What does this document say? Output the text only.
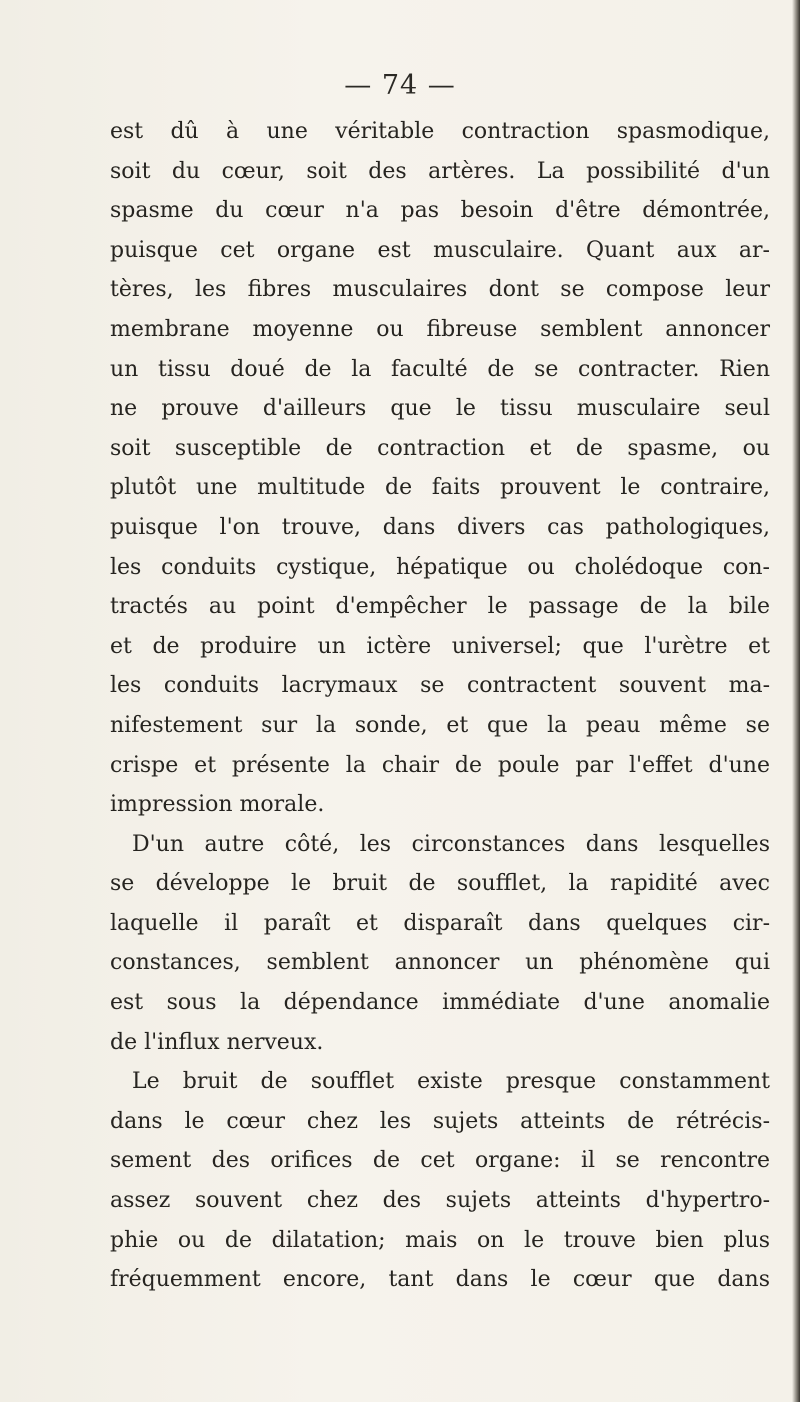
— 74 —
est dû à une véritable contraction spasmodique,
soit du cœur, soit des artères. La possibilité d'un
spasme du cœur n'a pas besoin d'être démontrée,
puisque cet organe est musculaire. Quant aux ar-
tères, les fibres musculaires dont se compose leur
membrane moyenne ou fibreuse semblent annoncer
un tissu doué de la faculté de se contracter. Rien
ne prouve d'ailleurs que le tissu musculaire seul
soit susceptible de contraction et de spasme, ou
plutôt une multitude de faits prouvent le contraire,
puisque l'on trouve, dans divers cas pathologiques,
les conduits cystique, hépatique ou cholédoque con-
tractés au point d'empêcher le passage de la bile
et de produire un ictère universel; que l'urètre et
les conduits lacrymaux se contractent souvent ma-
nifestement sur la sonde, et que la peau même se
crispe et présente la chair de poule par l'effet d'une
impression morale.
D'un autre côté, les circonstances dans lesquelles
se développe le bruit de soufflet, la rapidité avec
laquelle il paraît et disparaît dans quelques cir-
constances, semblent annoncer un phénomène qui
est sous la dépendance immédiate d'une anomalie
de l'influx nerveux.
Le bruit de soufflet existe presque constamment
dans le cœur chez les sujets atteints de rétrécis-
sement des orifices de cet organe: il se rencontre
assez souvent chez des sujets atteints d'hypertro-
phie ou de dilatation; mais on le trouve bien plus
fréquemment encore, tant dans le cœur que dans
